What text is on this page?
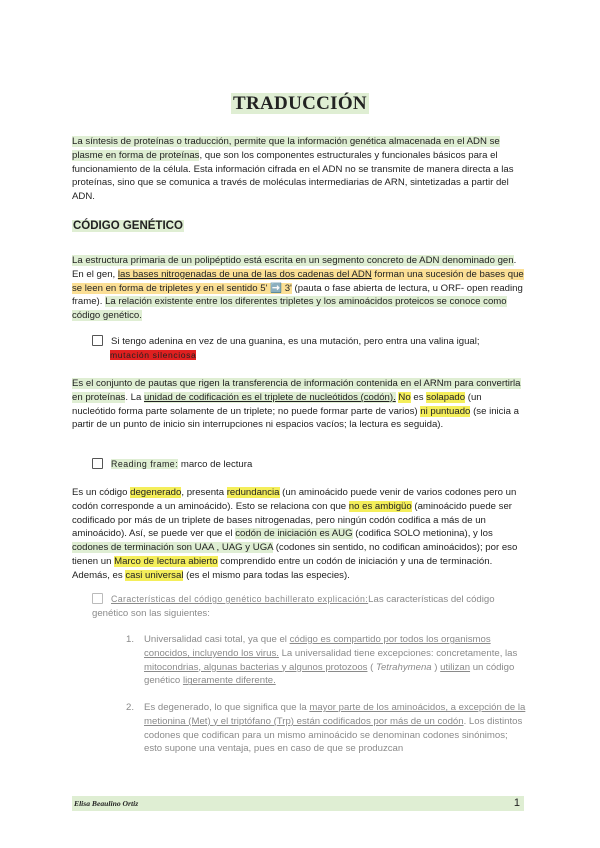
TRADUCCIÓN

La síntesis de proteínas o traducción, permite que la información genética almacenada en el ADN se plasme en forma de proteínas, que son los componentes estructurales y funcionales básicos para el funcionamiento de la célula. Esta información cifrada en el ADN no se transmite de manera directa a las proteínas, sino que se comunica a través de moléculas intermediarias de ARN, sintetizadas a partir del ADN.

CÓDIGO GENÉTICO

La estructura primaria de un polipéptido está escrita en un segmento concreto de ADN denominado gen. En el gen, las bases nitrogenadas de una de las dos cadenas del ADN forman una sucesión de bases que se leen en forma de tripletes y en el sentido 5' ➡️ 3' (pauta o fase abierta de lectura, u ORF- open reading frame). La relación existente entre los diferentes tripletes y los aminoácidos proteicos se conoce como código genético.

Si tengo adenina en vez de una guanina, es una mutación, pero entra una valina igual;
mutación silenciosa

Es el conjunto de pautas que rigen la transferencia de información contenida en el ARNm para convertirla en proteínas. La unidad de codificación es el triplete de nucleótidos (codón). No es solapado (un nucleótido forma parte solamente de un triplete; no puede formar parte de varios) ni puntuado (se inicia a partir de un punto de inicio sin interrupciones ni espacios vacíos; la lectura es seguida).

Reading frame: marco de lectura

Es un código degenerado, presenta redundancia (un aminoácido puede venir de varios codones pero un codón corresponde a un aminoácido). Esto se relaciona con que no es ambigüo (aminoácido puede ser codificado por más de un triplete de bases nitrogenadas, pero ningún codón codifica a más de un aminoácido). Así, se puede ver que el codón de iniciación es AUG (codifica SOLO metionina), y los codones de terminación son UAA , UAG y UGA (codones sin sentido, no codifican aminoácidos); por eso tienen un Marco de lectura abierto comprendido entre un codón de iniciación y una de terminación. Además, es casi universal (es el mismo para todas las especies).

Características del código genético bachillerato explicación:Las características del código genético son las siguientes:
1. Universalidad casi total, ya que el código es compartido por todos los organismos conocidos, incluyendo los virus. La universalidad tiene excepciones: concretamente, las mitocondrias, algunas bacterias y algunos protozoos ( Tetrahymena ) utilizan un código genético ligeramente diferente.
2. Es degenerado, lo que significa que la mayor parte de los aminoácidos, a excepción de la metionina (Met) y el triptófano (Trp) están codificados por más de un codón. Los distintos codones que codifican para un mismo aminoácido se denominan codones sinónimos; esto supone una ventaja, pues en caso de que se produzcan
Elisa Beaulino Ortiz	1
